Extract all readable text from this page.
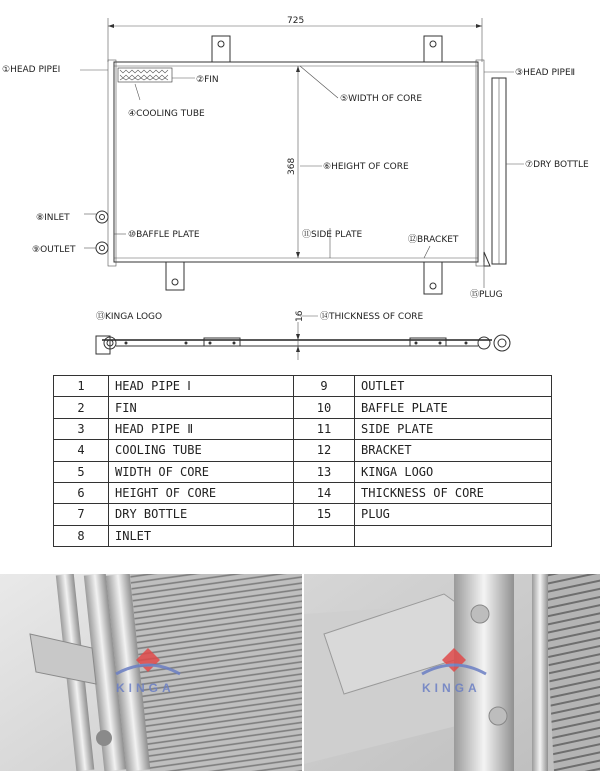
725
368
16
①HEAD PIPEⅠ
②FIN
③HEAD PIPEⅡ
④COOLING TUBE
⑤WIDTH OF CORE
⑥HEIGHT OF CORE	⑦DRY BOTTLE
⑧INLET
⑨OUTLET
⑩BAFFLE PLATE	⑪SIDE PLATE	⑫BRACKET
⑬KINGA LOGO	⑭THICKNESS OF CORE
⑮PLUG
1	HEAD PIPE Ⅰ	9	OUTLET
2	FIN	10	BAFFLE PLATE
3	HEAD PIPE Ⅱ	11	SIDE PLATE
4	COOLING TUBE	12	BRACKET
5	WIDTH OF CORE	13	KINGA LOGO
6	HEIGHT OF CORE	14	THICKNESS OF CORE
7	DRY BOTTLE	15	PLUG
8	INLET		
KINGA	KINGA
